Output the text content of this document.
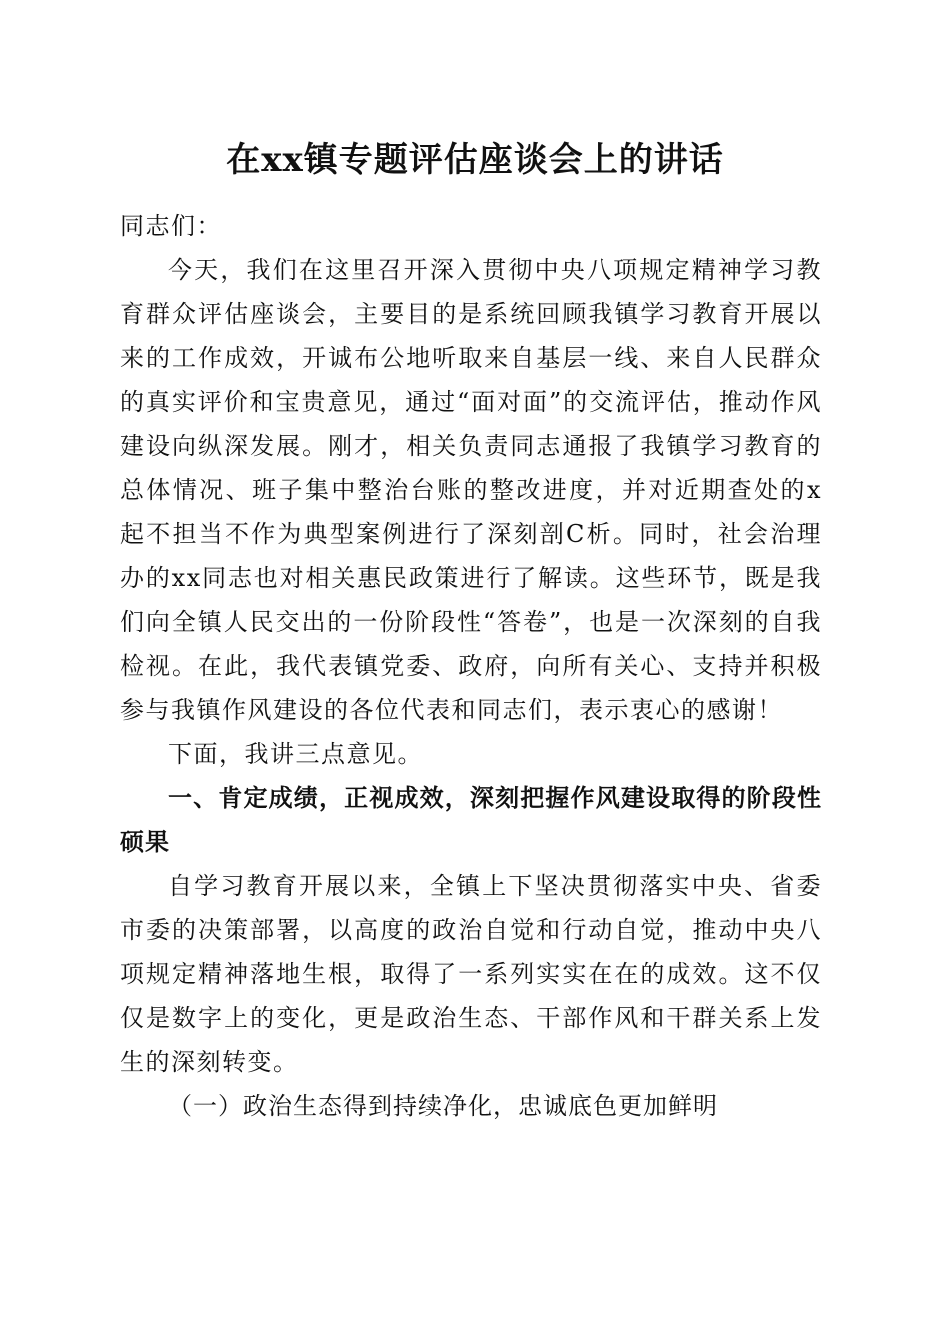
在xx镇专题评估座谈会上的讲话

同志们：

今天，我们在这里召开深入贯彻中央八项规定精神学习教育群众评估座谈会，主要目的是系统回顾我镇学习教育开展以来的工作成效，开诚布公地听取来自基层一线、来自人民群众的真实评价和宝贵意见，通过“面对面”的交流评估，推动作风建设向纵深发展。刚才，相关负责同志通报了我镇学习教育的总体情况、班子集中整治台账的整改进度，并对近期查处的x起不担当不作为典型案例进行了深刻剖C析。同时，社会治理办的xx同志也对相关惠民政策进行了解读。这些环节，既是我们向全镇人民交出的一份阶段性“答卷”，也是一次深刻的自我检视。在此，我代表镇党委、政府，向所有关心、支持并积极参与我镇作风建设的各位代表和同志们，表示衷心的感谢！

下面，我讲三点意见。

一、肯定成绩，正视成效，深刻把握作风建设取得的阶段性硕果

自学习教育开展以来，全镇上下坚决贯彻落实中央、省委市委的决策部署，以高度的政治自觉和行动自觉，推动中央八项规定精神落地生根，取得了一系列实实在在的成效。这不仅仅是数字上的变化，更是政治生态、干部作风和干群关系上发生的深刻转变。

（一）政治生态得到持续净化，忠诚底色更加鲜明
